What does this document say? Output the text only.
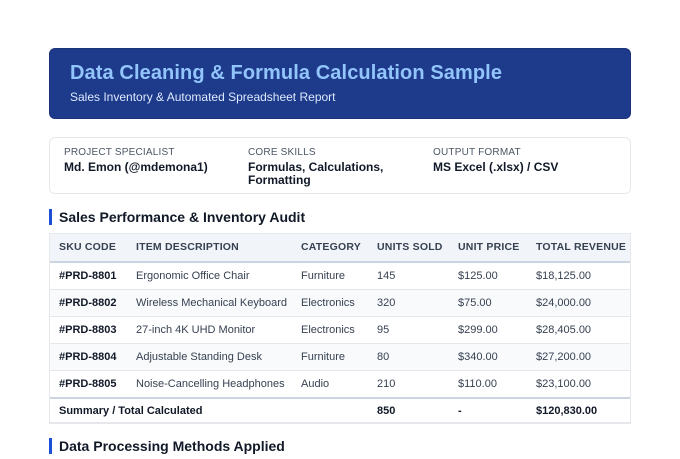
Data Cleaning & Formula Calculation Sample
Sales Inventory & Automated Spreadsheet Report
PROJECT SPECIALIST
Md. Emon (@mdemona1)
CORE SKILLS
Formulas, Calculations, Formatting
OUTPUT FORMAT
MS Excel (.xlsx) / CSV
Sales Performance & Inventory Audit
SKU CODE	ITEM DESCRIPTION	CATEGORY	UNITS SOLD	UNIT PRICE	TOTAL REVENUE
#PRD-8801	Ergonomic Office Chair	Furniture	145	$125.00	$18,125.00
#PRD-8802	Wireless Mechanical Keyboard	Electronics	320	$75.00	$24,000.00
#PRD-8803	27-inch 4K UHD Monitor	Electronics	95	$299.00	$28,405.00
#PRD-8804	Adjustable Standing Desk	Furniture	80	$340.00	$27,200.00
#PRD-8805	Noise-Cancelling Headphones	Audio	210	$110.00	$23,100.00
Summary / Total Calculated			850	-	$120,830.00
Data Processing Methods Applied
